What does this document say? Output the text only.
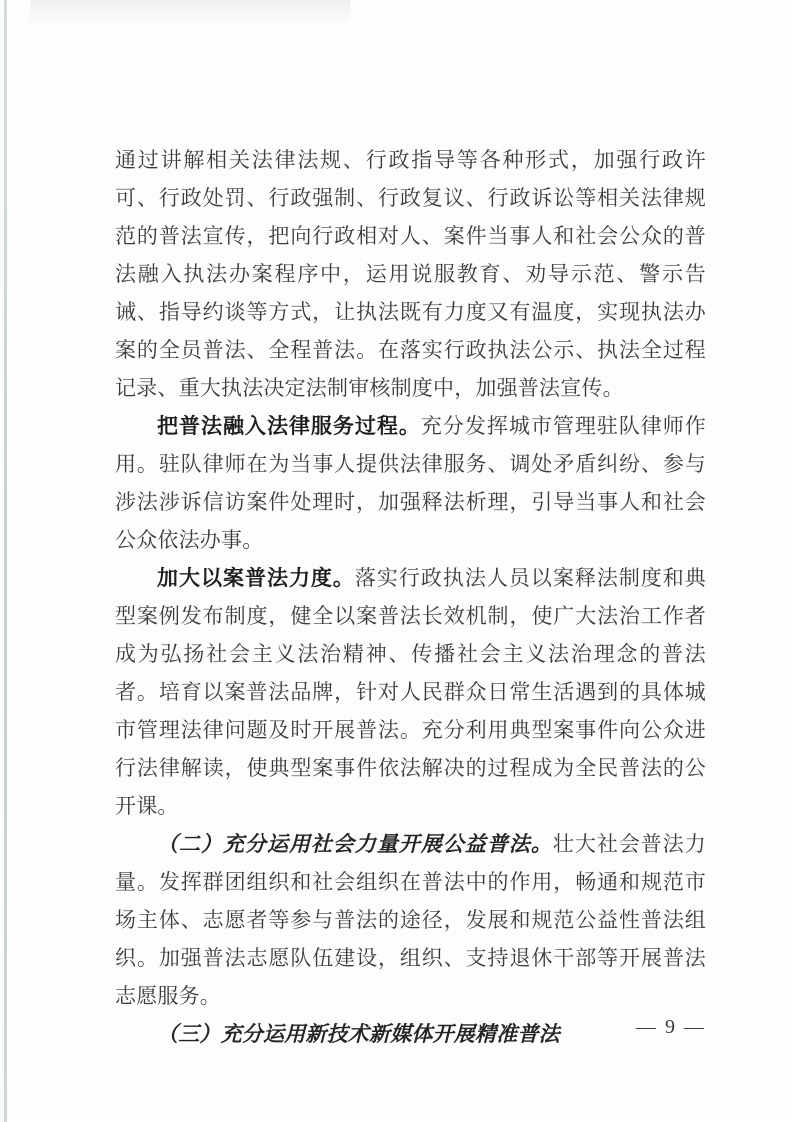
通过讲解相关法律法规、行政指导等各种形式，加强行政许可、行政处罚、行政强制、行政复议、行政诉讼等相关法律规范的普法宣传，把向行政相对人、案件当事人和社会公众的普法融入执法办案程序中，运用说服教育、劝导示范、警示告诫、指导约谈等方式，让执法既有力度又有温度，实现执法办案的全员普法、全程普法。在落实行政执法公示、执法全过程记录、重大执法决定法制审核制度中，加强普法宣传。

把普法融入法律服务过程。充分发挥城市管理驻队律师作用。驻队律师在为当事人提供法律服务、调处矛盾纠纷、参与涉法涉诉信访案件处理时，加强释法析理，引导当事人和社会公众依法办事。

加大以案普法力度。落实行政执法人员以案释法制度和典型案例发布制度，健全以案普法长效机制，使广大法治工作者成为弘扬社会主义法治精神、传播社会主义法治理念的普法者。培育以案普法品牌，针对人民群众日常生活遇到的具体城市管理法律问题及时开展普法。充分利用典型案事件向公众进行法律解读，使典型案事件依法解决的过程成为全民普法的公开课。

（二）充分运用社会力量开展公益普法。壮大社会普法力量。发挥群团组织和社会组织在普法中的作用，畅通和规范市场主体、志愿者等参与普法的途径，发展和规范公益性普法组织。加强普法志愿队伍建设，组织、支持退休干部等开展普法志愿服务。

（三）充分运用新技术新媒体开展精准普法	— 9 —
